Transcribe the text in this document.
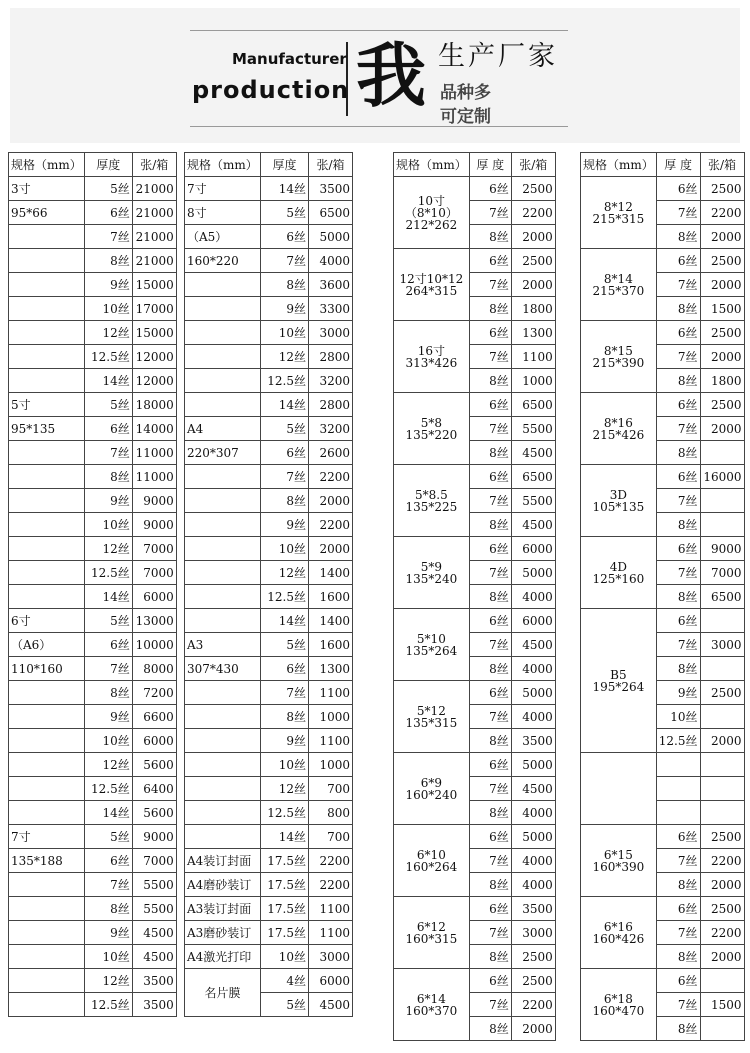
Manufacturer
production 我 生产厂家
品种多
可定制
规格（mm）	厚度	张/箱
3寸	5丝	21000
95*66	6丝	21000
	7丝	21000
	8丝	21000
	9丝	15000
	10丝	17000
	12丝	15000
	12.5丝	12000
	14丝	12000
5寸	5丝	18000
95*135	6丝	14000
	7丝	11000
	8丝	11000
	9丝	9000
	10丝	9000
	12丝	7000
	12.5丝	7000
	14丝	6000
6寸	5丝	13000
（A6）	6丝	10000
110*160	7丝	8000
	8丝	7200
	9丝	6600
	10丝	6000
	12丝	5600
	12.5丝	6400
	14丝	5600
7寸	5丝	9000
135*188	6丝	7000
	7丝	5500
	8丝	5500
	9丝	4500
	10丝	4500
	12丝	3500
	12.5丝	3500
规格（mm）	厚度	张/箱
7寸	14丝	3500
8寸	5丝	6500
（A5）	6丝	5000
160*220	7丝	4000
	8丝	3600
	9丝	3300
	10丝	3000
	12丝	2800
	12.5丝	3200
	14丝	2800
A4	5丝	3200
220*307	6丝	2600
	7丝	2200
	8丝	2000
	9丝	2200
	10丝	2000
	12丝	1400
	12.5丝	1600
	14丝	1400
A3	5丝	1600
307*430	6丝	1300
	7丝	1100
	8丝	1000
	9丝	1100
	10丝	1000
	12丝	700
	12.5丝	800
	14丝	700
A4装订封面	17.5丝	2200
A4磨砂装订	17.5丝	2200
A3装订封面	17.5丝	1100
A3磨砂装订	17.5丝	1100
A4激光打印	10丝	3000
名片膜	4丝	6000
	5丝	4500
规格（mm）	厚 度	张/箱

10寸
（8*10）
212*262	6丝	2500
	7丝	2200
	8丝	2000

12寸10*12
264*315	6丝	2500
	7丝	2000
	8丝	1800

16寸
313*426	6丝	1300
	7丝	1100
	8丝	1000

5*8
135*220	6丝	6500
	7丝	5500
	8丝	4500

5*8.5
135*225	6丝	6500
	7丝	5500
	8丝	4500

5*9
135*240	6丝	6000
	7丝	5000
	8丝	4000

5*10
135*264	6丝	6000
	7丝	4500
	8丝	4000

5*12
135*315	6丝	5000
	7丝	4000
	8丝	3500

6*9
160*240	6丝	5000
	7丝	4500
	8丝	4000

6*10
160*264	6丝	5000
	7丝	4000
	8丝	4000

6*12
160*315	6丝	3500
	7丝	3000
	8丝	2500

6*14
160*370	6丝	2500
	7丝	2200
	8丝	2000
规格（mm）	厚 度	张/箱

8*12
215*315	6丝	2500
	7丝	2200
	8丝	2000

8*14
215*370	6丝	2500
	7丝	2000
	8丝	1500

8*15
215*390	6丝	2500
	7丝	2000
	8丝	1800

8*16
215*426	6丝	2500
	7丝	2000
	8丝	

3D
105*135	6丝	16000
	7丝	
	8丝	

4D
125*160	6丝	9000
	7丝	7000
	8丝	6500

B5
195*264	6丝	
	7丝	3000
	8丝	
	9丝	2500
	10丝	
	12.5丝	2000

6*15
160*390	6丝	2500
	7丝	2200
	8丝	2000

6*16
160*426	6丝	2500
	7丝	2200
	8丝	2000

6*18
160*470	6丝	
	7丝	1500
	8丝	
